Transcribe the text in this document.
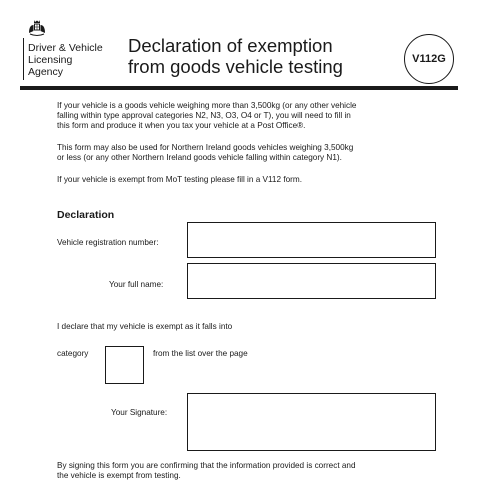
Driver & Vehicle
Licensing
Agency
Declaration of exemption
from goods vehicle testing	V112G
If your vehicle is a goods vehicle weighing more than 3,500kg (or any other vehicle
falling within type approval categories N2, N3, O3, O4 or T), you will need to fill in
this form and produce it when you tax your vehicle at a Post Office®.
This form may also be used for Northern Ireland goods vehicles weighing 3,500kg
or less (or any other Northern Ireland goods vehicle falling within category N1).
If your vehicle is exempt from MoT testing please fill in a V112 form.
Declaration
Vehicle registration number:
Your full name:
I declare that my vehicle is exempt as it falls into
category	from the list over the page
Your Signature:
By signing this form you are confirming that the information provided is correct and
the vehicle is exempt from testing.
